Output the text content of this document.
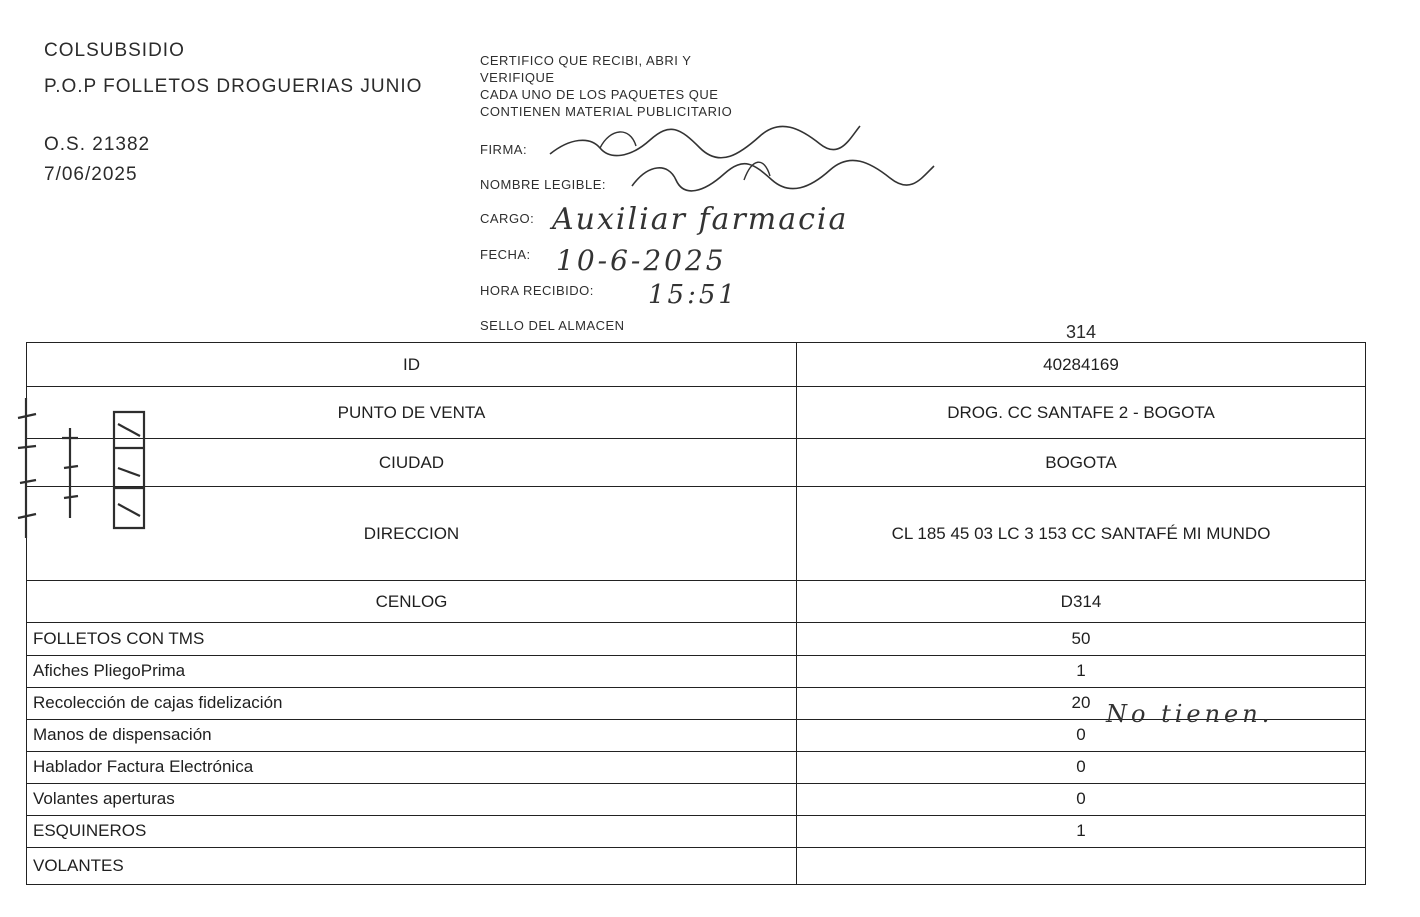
COLSUBSIDIO
P.O.P FOLLETOS DROGUERIAS JUNIO
O.S. 21382
7/06/2025
CERTIFICO QUE RECIBI, ABRI Y
VERIFIQUE
CADA UNO DE LOS PAQUETES QUE
CONTIENEN MATERIAL PUBLICITARIO
FIRMA:
NOMBRE LEGIBLE:
CARGO: Auxiliar farmacia
FECHA: 10-6-2025
HORA RECIBIDO: 15:51
SELLO DEL ALMACEN	314
ID	40284169
PUNTO DE VENTA	DROG. CC SANTAFE 2 - BOGOTA
CIUDAD	BOGOTA
DIRECCION	CL 185 45 03 LC 3 153 CC SANTAFÉ MI MUNDO
CENLOG	D314
FOLLETOS CON TMS	50
Afiches PliegoPrima	1
Recolección de cajas fidelización	20
Manos de dispensación	0
Hablador Factura Electrónica	0
Volantes aperturas	0
ESQUINEROS	1
VOLANTES	
No tienen.
